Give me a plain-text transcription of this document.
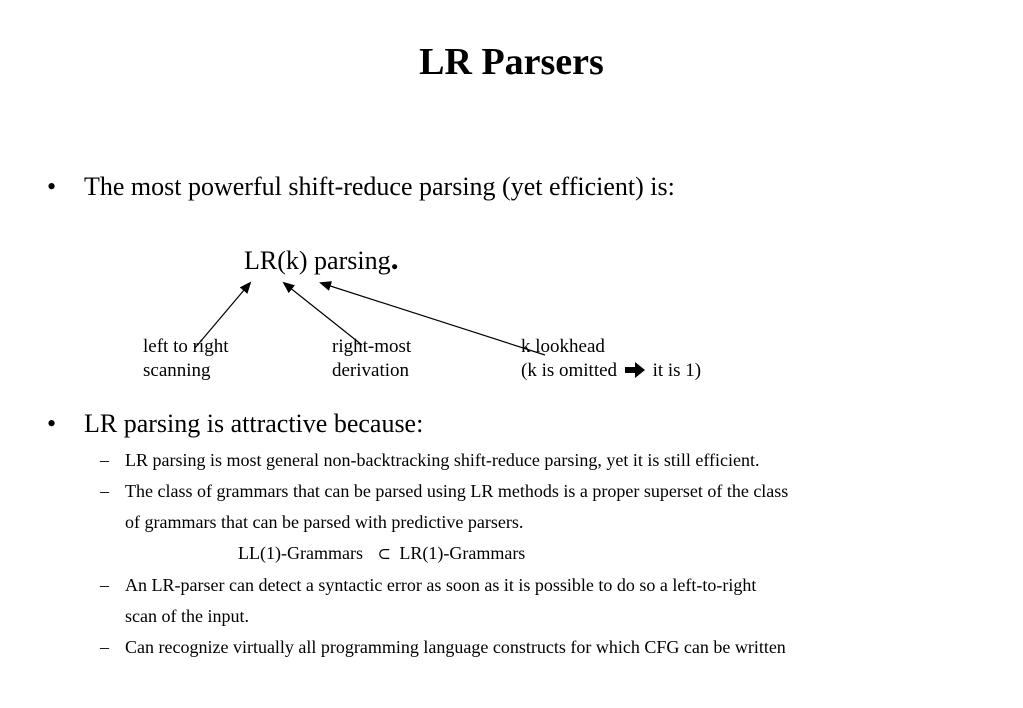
LR Parsers
• The most powerful shift-reduce parsing (yet efficient) is:
LR(k) parsing.
left to right
scanning
right-most
derivation
k lookhead
(k is omitted it is 1)
• LR parsing is attractive because:
– LR parsing is most general non-backtracking shift-reduce parsing, yet it is still efficient.
– The class of grammars that can be parsed using LR methods is a proper superset of the class
of grammars that can be parsed with predictive parsers.
LL(1)-Grammars ⊂ LR(1)-Grammars
– An LR-parser can detect a syntactic error as soon as it is possible to do so a left-to-right
scan of the input.
– Can recognize virtually all programming language constructs for which CFG can be written
